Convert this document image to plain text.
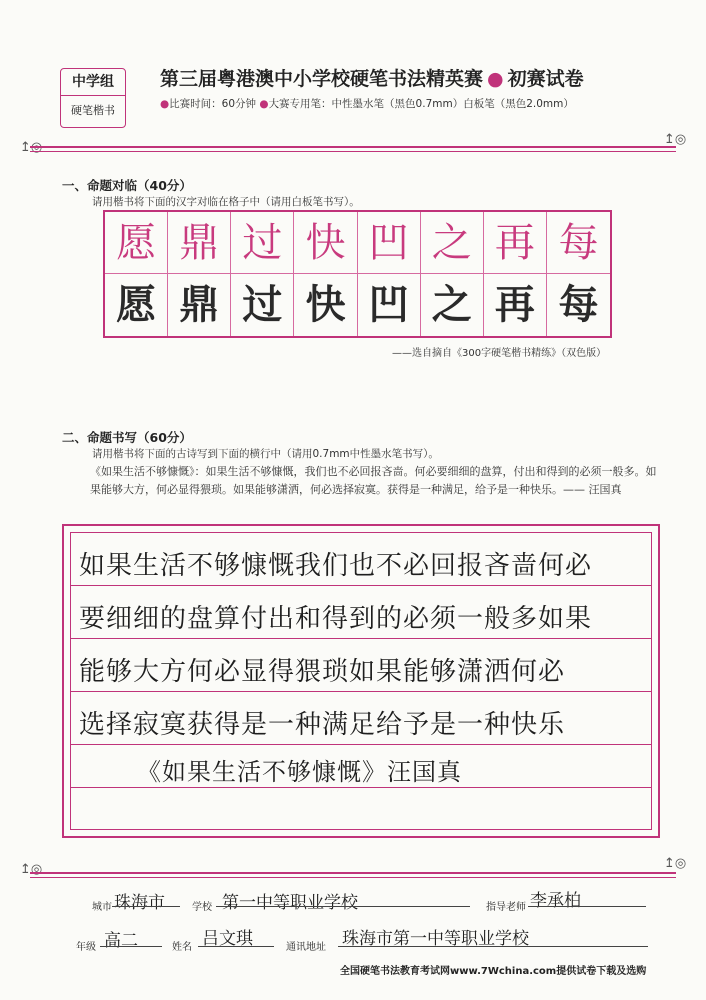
中学组
硬笔楷书
第三届粤港澳中小学校硬笔书法精英赛 ● 初赛试卷
●比赛时间：60分钟 ●大赛专用笔：中性墨水笔（黑色0.7mm）白板笔（黑色2.0mm）
↥◎
↥◎
一、命题对临（40分）
请用楷书将下面的汉字对临在格子中（请用白板笔书写）。
愿 鼎 过 快 凹 之 再 每
愿 鼎 过 快 凹 之 再 每
——选自摘自《300字硬笔楷书精练》（双色版）
二、命题书写（60分）
请用楷书将下面的古诗写到下面的横行中（请用0.7mm中性墨水笔书写）。
《如果生活不够慷慨》：如果生活不够慷慨，我们也不必回报吝啬。何必要细细的盘算，付出和得到的必须一般多。如果能够大方，何必显得猥琐。如果能够潇洒，何必选择寂寞。获得是一种满足，给予是一种快乐。—— 汪国真
如果生活不够慷慨我们也不必回报吝啬何必
要细细的盘算付出和得到的必须一般多如果
能够大方何必显得猥琐如果能够潇洒何必
选择寂寞获得是一种满足给予是一种快乐
《如果生活不够慷慨》汪国真
↥◎	↥◎
城市 珠海市	学校 第一中等职业学校	指导老师 李承柏
年级 高二	姓名 吕文琪	通讯地址 珠海市第一中等职业学校
全国硬笔书法教育考试网www.7Wchina.com提供试卷下载及选购
